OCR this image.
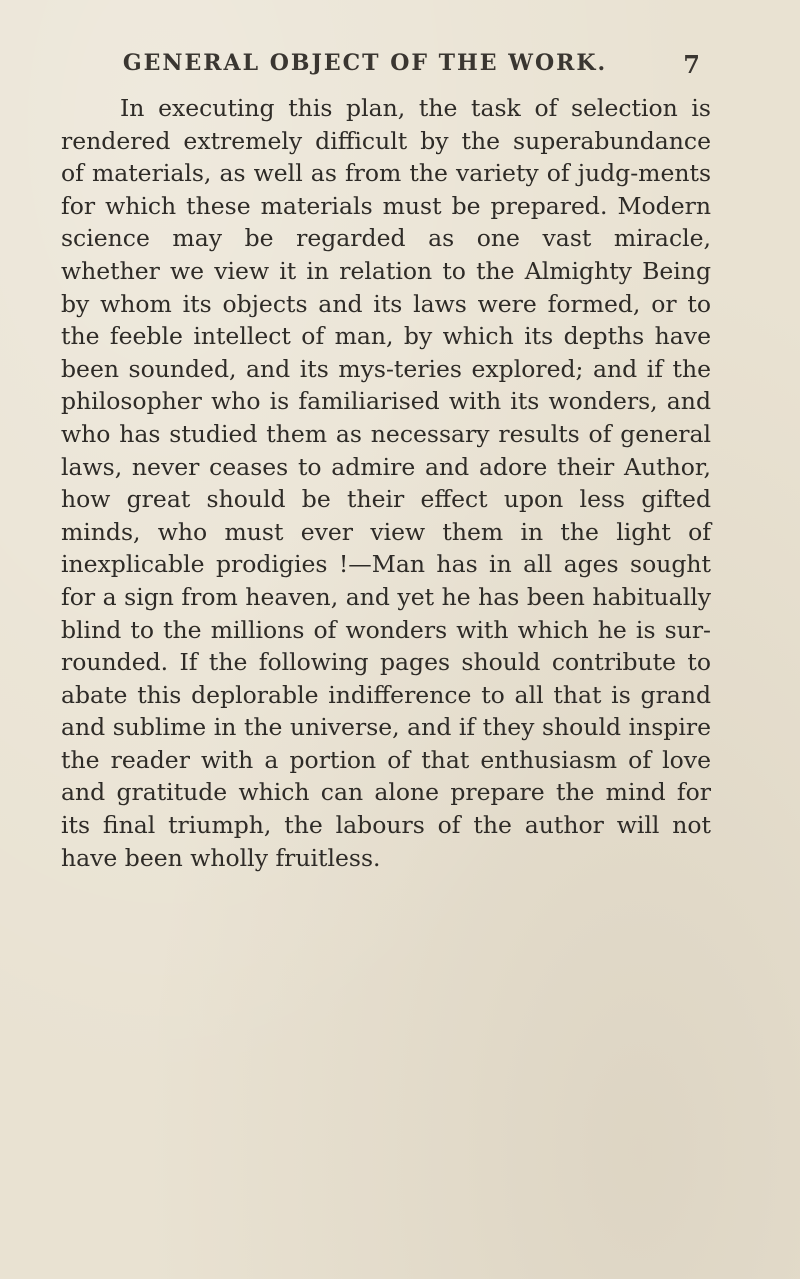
GENERAL OBJECT OF THE WORK.	7

In executing this plan, the task of selection is rendered extremely difficult by the superabundance of materials, as well as from the variety of judg-ments for which these materials must be prepared. Modern science may be regarded as one vast miracle, whether we view it in relation to the Almighty Being by whom its objects and its laws were formed, or to the feeble intellect of man, by which its depths have been sounded, and its mys-teries explored; and if the philosopher who is familiarised with its wonders, and who has studied them as necessary results of general laws, never ceases to admire and adore their Author, how great should be their effect upon less gifted minds, who must ever view them in the light of inexplicable prodigies !—Man has in all ages sought for a sign from heaven, and yet he has been habitually blind to the millions of wonders with which he is sur-rounded. If the following pages should contribute to abate this deplorable indifference to all that is grand and sublime in the universe, and if they should inspire the reader with a portion of that enthusiasm of love and gratitude which can alone prepare the mind for its final triumph, the labours of the author will not have been wholly fruitless.
